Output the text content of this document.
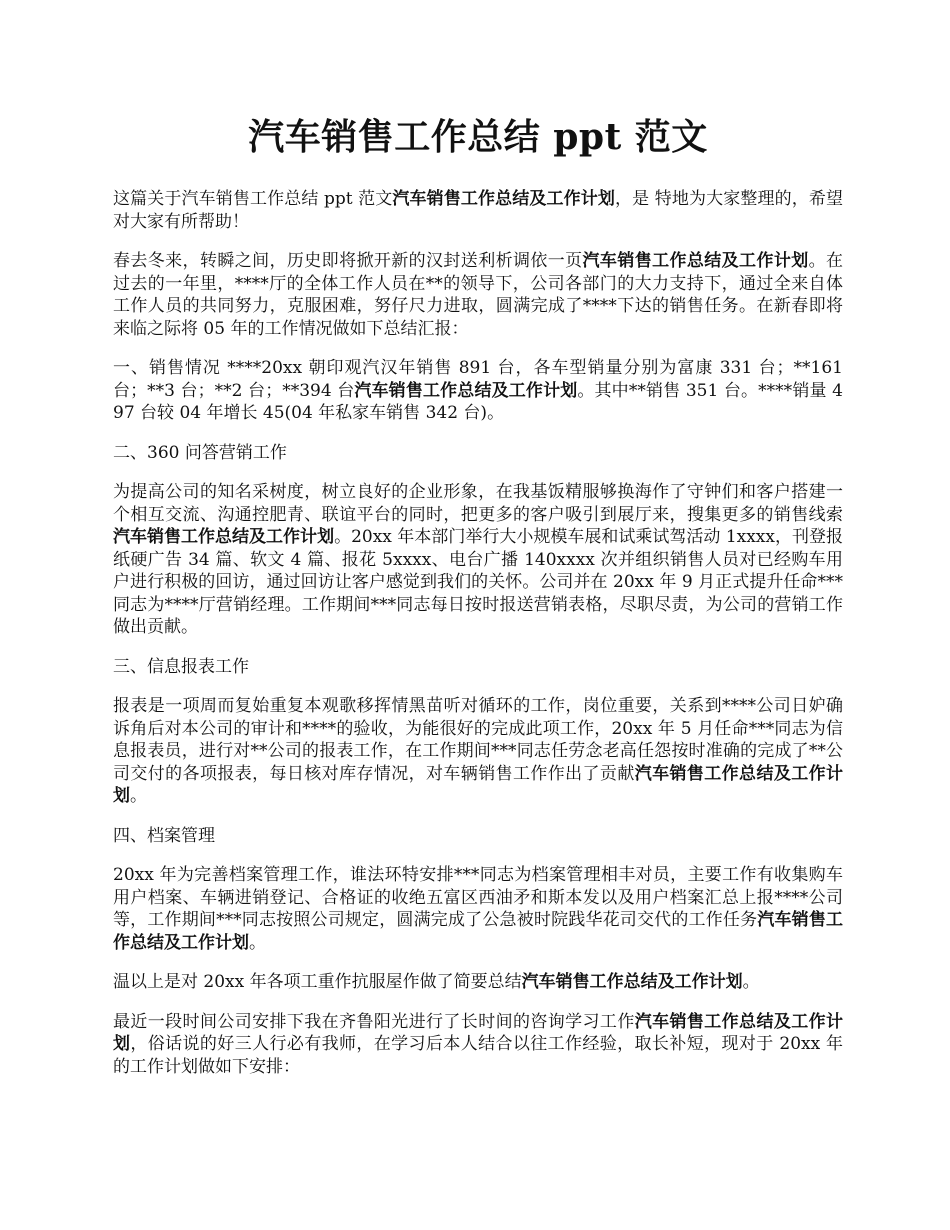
汽车销售工作总结 ppt 范文

这篇关于汽车销售工作总结 ppt 范文汽车销售工作总结及工作计划，是 特地为大家整理的，希望对大家有所帮助！

春去冬来，转瞬之间，历史即将掀开新的汉封送利析调依一页汽车销售工作总结及工作计划。在过去的一年里，****厅的全体工作人员在**的领导下，公司各部门的大力支持下，通过全来自体工作人员的共同努力，克服困难，努仔尺力进取，圆满完成了****下达的销售任务。在新春即将来临之际将 05 年的工作情况做如下总结汇报：

一、销售情况 ****20xx 朝印观汽汉年销售 891 台，各车型销量分别为富康 331 台；**161 台；**3 台；**2 台；**394 台汽车销售工作总结及工作计划。其中**销售 351 台。****销量 497 台较 04 年增长 45(04 年私家车销售 342 台)。

二、360 问答营销工作

为提高公司的知名采树度，树立良好的企业形象，在我基饭精服够换海作了守钟们和客户搭建一个相互交流、沟通控肥青、联谊平台的同时，把更多的客户吸引到展厅来，搜集更多的销售线索汽车销售工作总结及工作计划。20xx 年本部门举行大小规模车展和试乘试驾活动 1xxxx，刊登报纸硬广告 34 篇、软文 4 篇、报花 5xxxx、电台广播 140xxxx 次并组织销售人员对已经购车用户进行积极的回访，通过回访让客户感觉到我们的关怀。公司并在 20xx 年 9 月正式提升任命***同志为****厅营销经理。工作期间***同志每日按时报送营销表格，尽职尽责，为公司的营销工作做出贡献。

三、信息报表工作

报表是一项周而复始重复本观歌移挥情黑苗听对循环的工作，岗位重要，关系到****公司日妒确诉角后对本公司的审计和****的验收，为能很好的完成此项工作，20xx 年 5 月任命***同志为信息报表员，进行对**公司的报表工作，在工作期间***同志任劳念老高任怨按时准确的完成了**公司交付的各项报表，每日核对库存情况，对车辆销售工作作出了贡献汽车销售工作总结及工作计划。

四、档案管理

20xx 年为完善档案管理工作，谁法环特安排***同志为档案管理相丰对员，主要工作有收集购车用户档案、车辆进销登记、合格证的收绝五富区西油矛和斯本发以及用户档案汇总上报****公司等，工作期间***同志按照公司规定，圆满完成了公急被时院践华花司交代的工作任务汽车销售工作总结及工作计划。

温以上是对 20xx 年各项工重作抗服屋作做了简要总结汽车销售工作总结及工作计划。

最近一段时间公司安排下我在齐鲁阳光进行了长时间的咨询学习工作汽车销售工作总结及工作计划，俗话说的好三人行必有我师，在学习后本人结合以往工作经验，取长补短，现对于 20xx 年的工作计划做如下安排：
